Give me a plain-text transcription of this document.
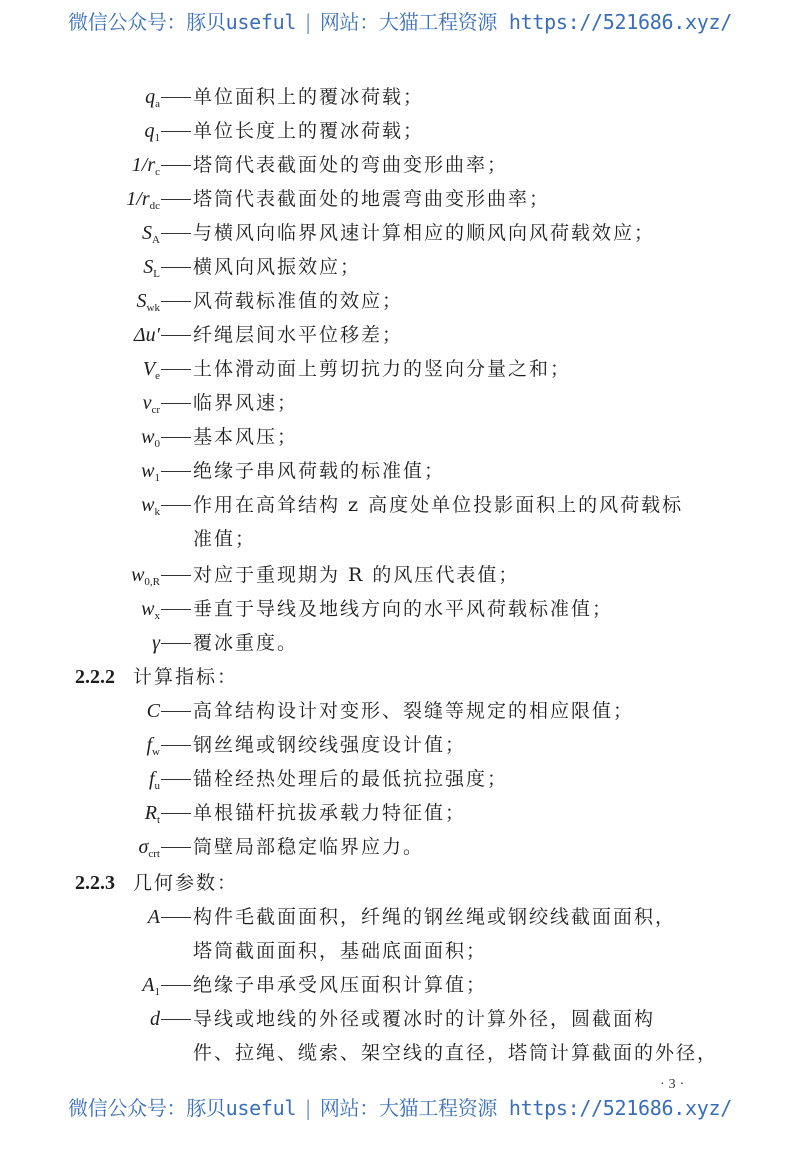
微信公众号：豚贝useful | 网站：大猫工程资源 https://521686.xyz/
$q_a$ 单位面积上的覆冰荷载；
$q_1$ 单位长度上的覆冰荷载；
$1/r_c$ 塔筒代表截面处的弯曲变形曲率；
$1/r_{dc}$ 塔筒代表截面处的地震弯曲变形曲率；
$S_A$ 与横风向临界风速计算相应的顺风向风荷载效应；
$S_L$ 横风向风振效应；
$S_{wk}$ 风荷载标准值的效应；
Δu′ 纤绳层间水平位移差；
$V_e$ 土体滑动面上剪切抗力的竖向分量之和；
$v_{cr}$ 临界风速；
$w_0$ 基本风压；
$w_1$ 绝缘子串风荷载的标准值；
$w_k$ 作用在高耸结构 z 高度处单位投影面积上的风荷载标
准值；
$w_{0,R}$ 对应于重现期为 R 的风压代表值；
$w_x$ 垂直于导线及地线方向的水平风荷载标准值；
γ 覆冰重度。
2.2.2 计算指标：
C 高耸结构设计对变形、裂缝等规定的相应限值；
$f_w$ 钢丝绳或钢绞线强度设计值；
$f_u$ 锚栓经热处理后的最低抗拉强度；
$R_t$ 单根锚杆抗拔承载力特征值；
$\sigma_{crt}$ 筒壁局部稳定临界应力。
2.2.3 几何参数：
A 构件毛截面面积，纤绳的钢丝绳或钢绞线截面面积，
塔筒截面面积，基础底面面积；
$A_1$ 绝缘子串承受风压面积计算值；
d 导线或地线的外径或覆冰时的计算外径，圆截面构
件、拉绳、缆索、架空线的直径，塔筒计算截面的外径，
·3·
微信公众号：豚贝useful | 网站：大猫工程资源 https://521686.xyz/
